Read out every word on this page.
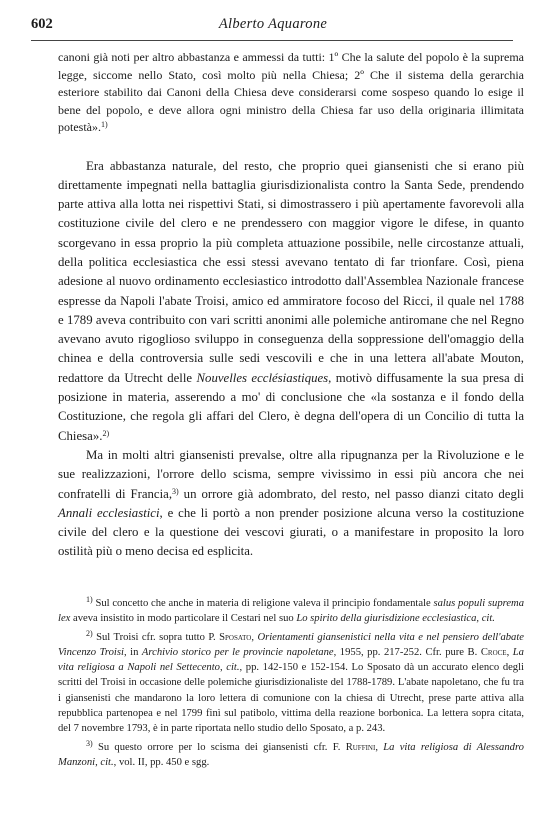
602	Alberto Aquarone

canoni già noti per altro abbastanza e ammessi da tutti: 1º Che la salute del popolo è la suprema legge, siccome nello Stato, così molto più nella Chiesa; 2º Che il sistema della gerarchia esteriore stabilito dai Canoni della Chiesa deve considerarsi come sospeso quando lo esige il bene del popolo, e deve allora ogni ministro della Chiesa far uso della originaria illimitata potestà».$^{1)}$

Era abbastanza naturale, del resto, che proprio quei giansenisti che si erano più direttamente impegnati nella battaglia giurisdizionalista contro la Santa Sede, prendendo parte attiva alla lotta nei rispettivi Stati, si dimostrassero i più apertamente favorevoli alla costituzione civile del clero e ne prendessero con maggior vigore le difese, in quanto scorgevano in essa proprio la più completa attuazione possibile, nelle circostanze attuali, della politica ecclesiastica che essi stessi avevano tentato di far trionfare. Così, piena adesione al nuovo ordinamento ecclesiastico introdotto dall'Assemblea Nazionale francese espresse da Napoli l'abate Troisi, amico ed ammiratore focoso del Ricci, il quale nel 1788 e 1789 aveva contribuito con vari scritti anonimi alle polemiche antiromane che nel Regno avevano avuto rigoglioso sviluppo in conseguenza della soppressione dell'omaggio della chinea e della controversia sulle sedi vescovili e che in una lettera all'abate Mouton, redattore da Utrecht delle Nouvelles ecclésiastiques, motivò diffusamente la sua presa di posizione in materia, asserendo a mo' di conclusione che «la sostanza e il fondo della Costituzione, che regola gli affari del Clero, è degna dell'opera di un Concilio di tutta la Chiesa».$^{2)}$

Ma in molti altri giansenisti prevalse, oltre alla ripugnanza per la Rivoluzione e le sue realizzazioni, l'orrore dello scisma, sempre vivissimo in essi più ancora che nei confratelli di Francia,$^{3)}$ un orrore già adombrato, del resto, nel passo dianzi citato degli Annali ecclesiastici, e che li portò a non prender posizione alcuna verso la costituzione civile del clero e la questione dei vescovi giurati, o a manifestare in proposito la loro ostilità più o meno decisa ed esplicita.

$^{1)}$ Sul concetto che anche in materia di religione valeva il principio fondamentale salus populi suprema lex aveva insistito in modo particolare il Cestari nel suo Lo spirito della giurisdizione ecclesiastica, cit.

$^{2)}$ Sul Troisi cfr. sopra tutto P. Sposato, Orientamenti giansenistici nella vita e nel pensiero dell'abate Vincenzo Troisi, in Archivio storico per le provincie napoletane, 1955, pp. 217-252. Cfr. pure B. Croce, La vita religiosa a Napoli nel Settecento, cit., pp. 142-150 e 152-154. Lo Sposato dà un accurato elenco degli scritti del Troisi in occasione delle polemiche giurisdizionaliste del 1788-1789. L'abate napoletano, che fu tra i giansenisti che mandarono la loro lettera di comunione con la chiesa di Utrecht, prese parte attiva alla repubblica partenopea e nel 1799 finì sul patibolo, vittima della reazione borbonica. La lettera sopra citata, del 7 novembre 1793, è in parte riportata nello studio dello Sposato, a p. 243.

$^{3)}$ Su questo orrore per lo scisma dei giansenisti cfr. F. Ruffini, La vita religiosa di Alessandro Manzoni, cit., vol. II, pp. 450 e sgg.
